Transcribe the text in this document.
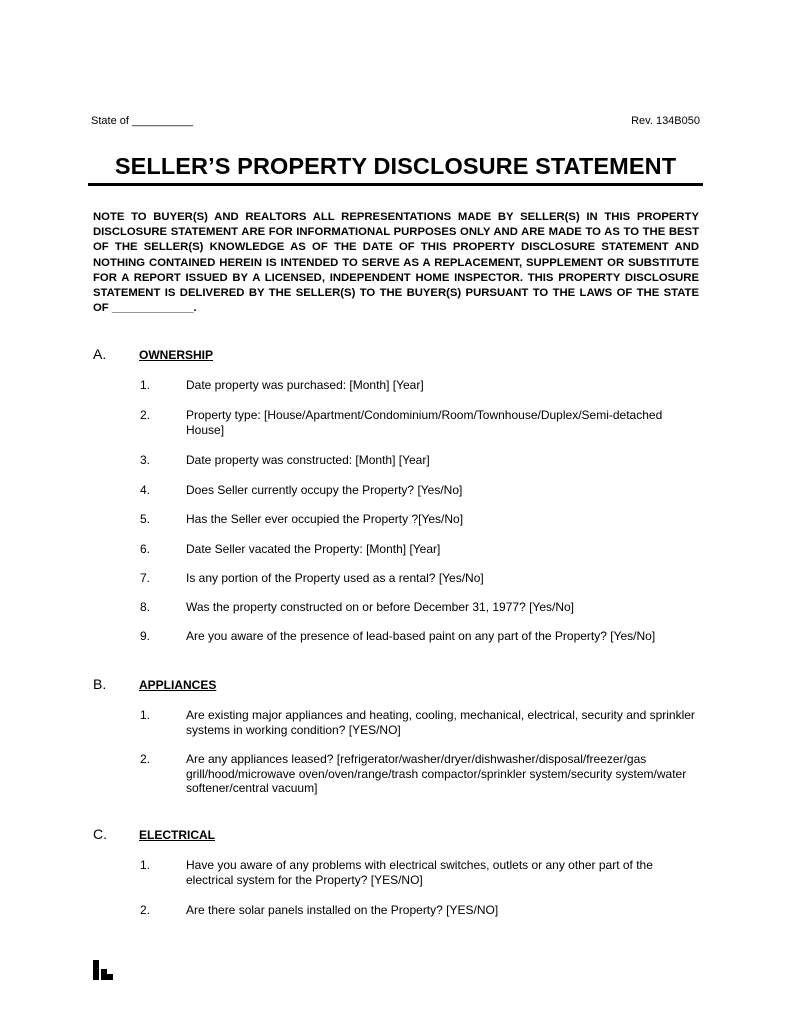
State of __________	Rev. 134B050
SELLER’S PROPERTY DISCLOSURE STATEMENT
NOTE TO BUYER(S) AND REALTORS ALL REPRESENTATIONS MADE BY SELLER(S) IN THIS PROPERTY DISCLOSURE STATEMENT ARE FOR INFORMATIONAL PURPOSES ONLY AND ARE MADE TO AS TO THE BEST OF THE SELLER(S) KNOWLEDGE AS OF THE DATE OF THIS PROPERTY DISCLOSURE STATEMENT AND NOTHING CONTAINED HEREIN IS INTENDED TO SERVE AS A REPLACEMENT, SUPPLEMENT OR SUBSTITUTE FOR A REPORT ISSUED BY A LICENSED, INDEPENDENT HOME INSPECTOR. THIS PROPERTY DISCLOSURE STATEMENT IS DELIVERED BY THE SELLER(S) TO THE BUYER(S) PURSUANT TO THE LAWS OF THE STATE OF _____________.
A.	OWNERSHIP
1.	Date property was purchased: [Month] [Year]
2.	Property type: [House/Apartment/Condominium/Room/Townhouse/Duplex/Semi-detached House]
3.	Date property was constructed: [Month] [Year]
4.	Does Seller currently occupy the Property? [Yes/No]
5.	Has the Seller ever occupied the Property ?[Yes/No]
6.	Date Seller vacated the Property: [Month] [Year]
7.	Is any portion of the Property used as a rental? [Yes/No]
8.	Was the property constructed on or before December 31, 1977? [Yes/No]
9.	Are you aware of the presence of lead-based paint on any part of the Property? [Yes/No]
B.	APPLIANCES
1.	Are existing major appliances and heating, cooling, mechanical, electrical, security and sprinkler systems in working condition? [YES/NO]
2.	Are any appliances leased? [refrigerator/washer/dryer/dishwasher/disposal/freezer/gas grill/hood/microwave oven/oven/range/trash compactor/sprinkler system/security system/water softener/central vacuum]
C.	ELECTRICAL
1.	Have you aware of any problems with electrical switches, outlets or any other part of the electrical system for the Property? [YES/NO]
2.	Are there solar panels installed on the Property? [YES/NO]
